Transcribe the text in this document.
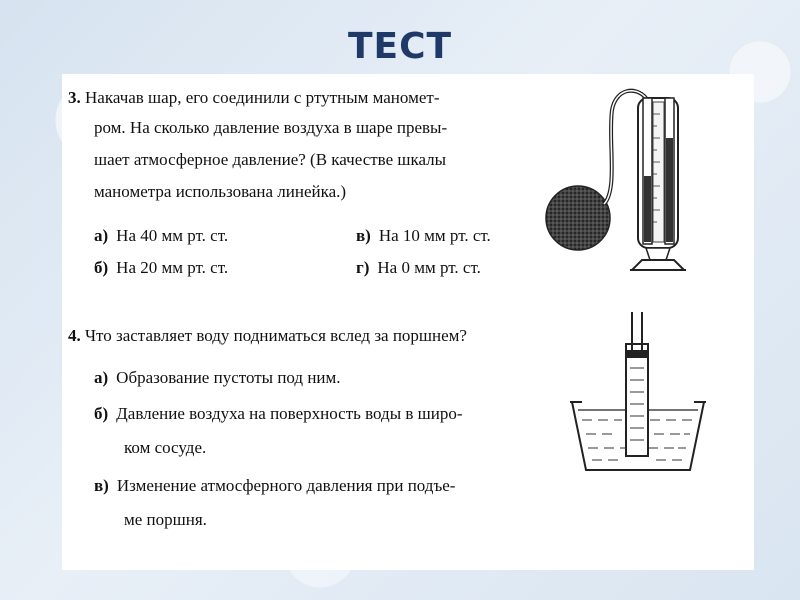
ТЕСТ
3. Накачав шар, его соединили с ртутным маномет-
ром. На сколько давление воздуха в шаре превы-
шает атмосферное давление? (В качестве шкалы
манометра использована линейка.)
а) На 40 мм рт. ст.	в) На 10 мм рт. ст.
б) На 20 мм рт. ст.	г) На 0 мм рт. ст.
4. Что заставляет воду подниматься вслед за поршнем?
а) Образование пустоты под ним.
б) Давление воздуха на поверхность воды в широ-
ком сосуде.
в) Изменение атмосферного давления при подъе-
ме поршня.
